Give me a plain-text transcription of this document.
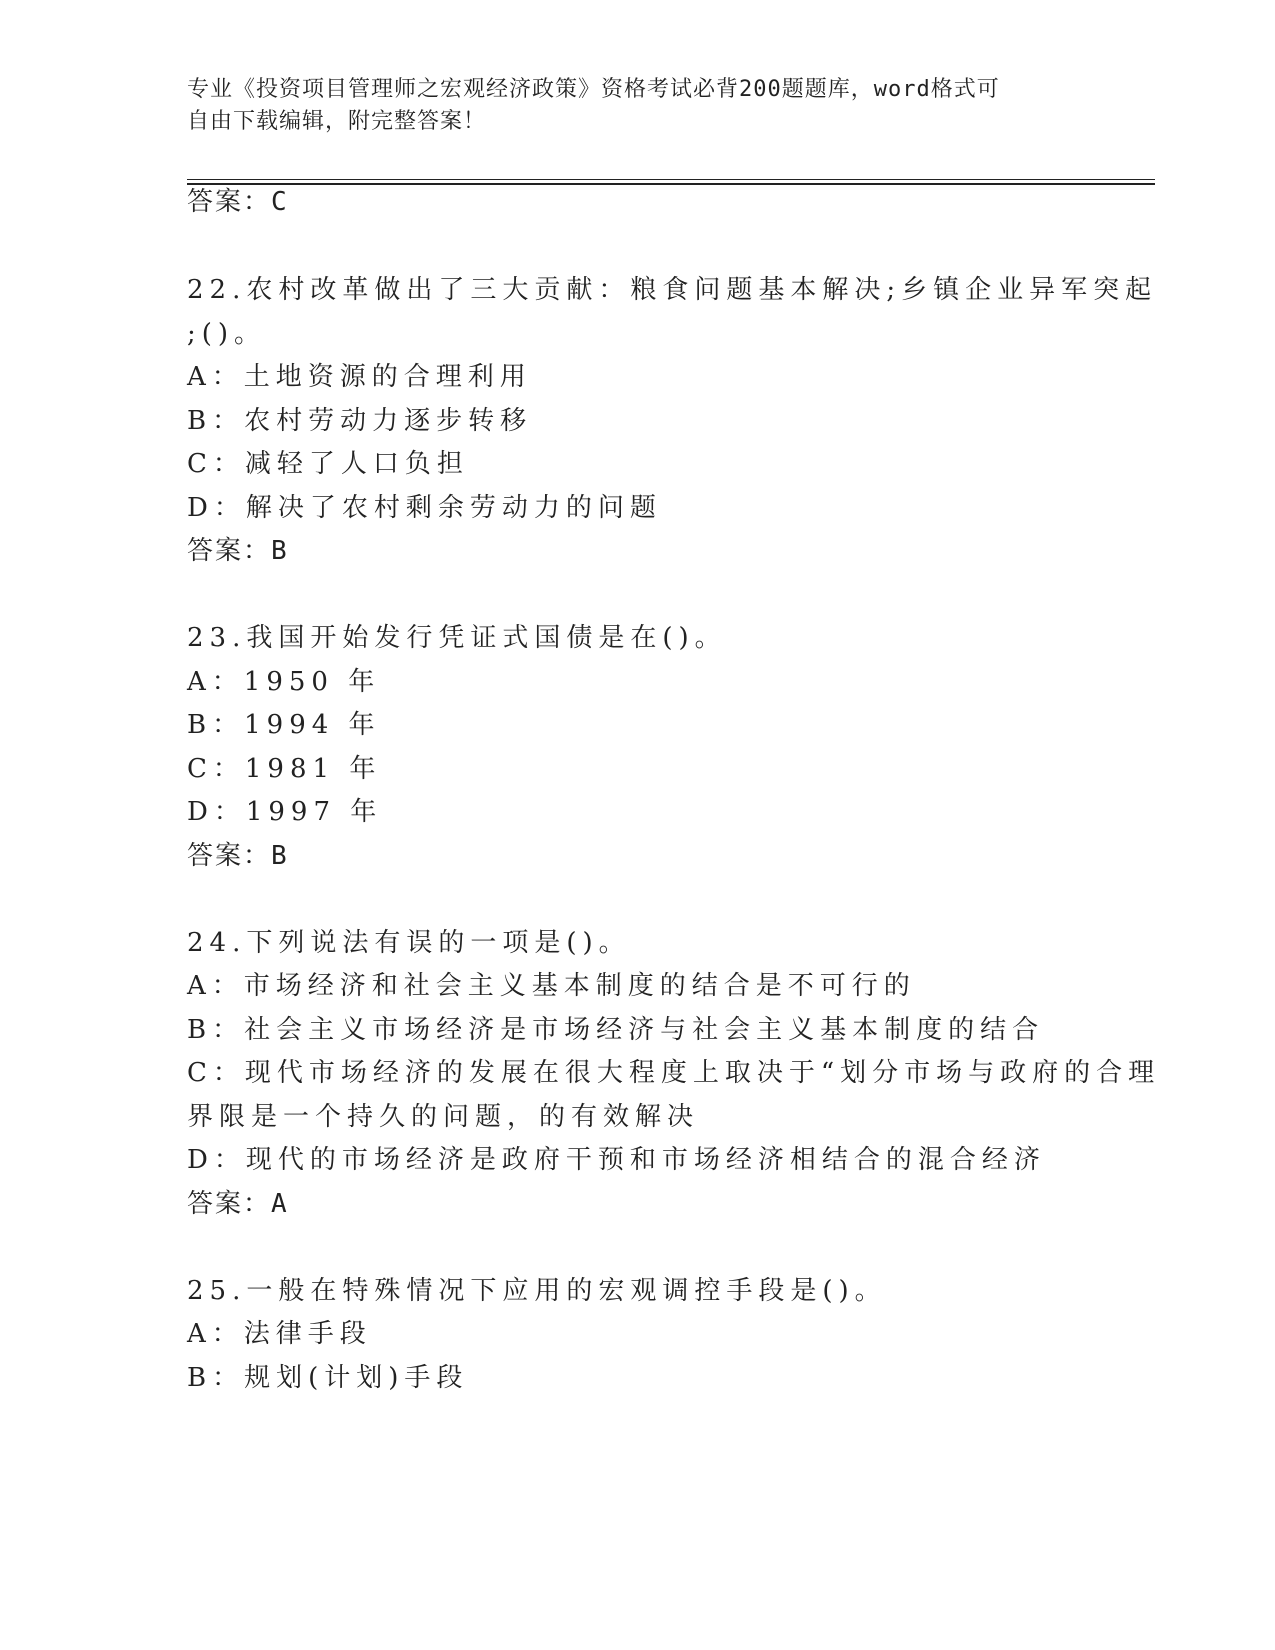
专业《投资项目管理师之宏观经济政策》资格考试必背200题题库，word格式可
自由下载编辑，附完整答案！
答案：C
22.农村改革做出了三大贡献：粮食问题基本解决;乡镇企业异军突起
;()。
A：土地资源的合理利用
B：农村劳动力逐步转移
C：减轻了人口负担
D：解决了农村剩余劳动力的问题
答案：B
23.我国开始发行凭证式国债是在()。
A：1950 年
B：1994 年
C：1981 年
D：1997 年
答案：B
24.下列说法有误的一项是()。
A：市场经济和社会主义基本制度的结合是不可行的
B：社会主义市场经济是市场经济与社会主义基本制度的结合
C：现代市场经济的发展在很大程度上取决于“划分市场与政府的合理
界限是一个持久的问题，的有效解决
D：现代的市场经济是政府干预和市场经济相结合的混合经济
答案：A
25.一般在特殊情况下应用的宏观调控手段是()。
A：法律手段
B：规划(计划)手段
